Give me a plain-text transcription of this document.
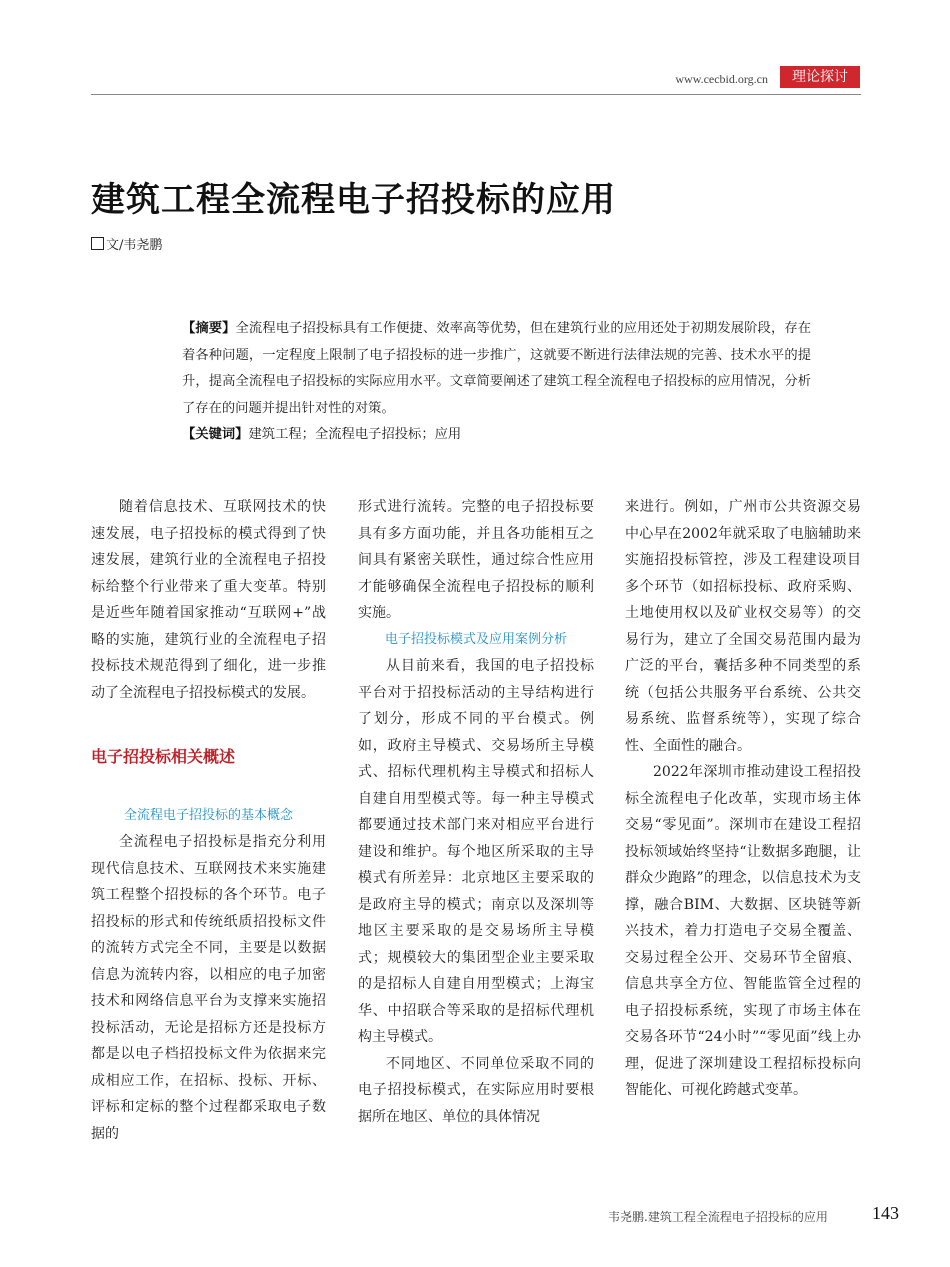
www.cecbid.org.cn	理论探讨
建筑工程全流程电子招投标的应用
文/韦尧鹏

【摘要】全流程电子招投标具有工作便捷、效率高等优势，但在建筑行业的应用还处于初期发展阶段，存在着各种问题，一定程度上限制了电子招投标的进一步推广，这就要不断进行法律法规的完善、技术水平的提升，提高全流程电子招投标的实际应用水平。文章简要阐述了建筑工程全流程电子招投标的应用情况，分析了存在的问题并提出针对性的对策。

【关键词】建筑工程；全流程电子招投标；应用

随着信息技术、互联网技术的快速发展，电子招投标的模式得到了快速发展，建筑行业的全流程电子招投标给整个行业带来了重大变革。特别是近些年随着国家推动“互联网+”战略的实施，建筑行业的全流程电子招投标技术规范得到了细化，进一步推动了全流程电子招投标模式的发展。

电子招投标相关概述

全流程电子招投标的基本概念

全流程电子招投标是指充分利用现代信息技术、互联网技术来实施建筑工程整个招投标的各个环节。电子招投标的形式和传统纸质招投标文件的流转方式完全不同，主要是以数据信息为流转内容，以相应的电子加密技术和网络信息平台为支撑来实施招投标活动，无论是招标方还是投标方都是以电子档招投标文件为依据来完成相应工作，在招标、投标、开标、评标和定标的整个过程都采取电子数据的

形式进行流转。完整的电子招投标要具有多方面功能，并且各功能相互之间具有紧密关联性，通过综合性应用才能够确保全流程电子招投标的顺利实施。

电子招投标模式及应用案例分析

从目前来看，我国的电子招投标平台对于招投标活动的主导结构进行了划分，形成不同的平台模式。例如，政府主导模式、交易场所主导模式、招标代理机构主导模式和招标人自建自用型模式等。每一种主导模式都要通过技术部门来对相应平台进行建设和维护。每个地区所采取的主导模式有所差异：北京地区主要采取的是政府主导的模式；南京以及深圳等地区主要采取的是交易场所主导模式；规模较大的集团型企业主要采取的是招标人自建自用型模式；上海宝华、中招联合等采取的是招标代理机构主导模式。

不同地区、不同单位采取不同的电子招投标模式，在实际应用时要根据所在地区、单位的具体情况

来进行。例如，广州市公共资源交易中心早在2002年就采取了电脑辅助来实施招投标管控，涉及工程建设项目多个环节（如招标投标、政府采购、土地使用权以及矿业权交易等）的交易行为，建立了全国交易范围内最为广泛的平台，囊括多种不同类型的系统（包括公共服务平台系统、公共交易系统、监督系统等），实现了综合性、全面性的融合。

2022年深圳市推动建设工程招投标全流程电子化改革，实现市场主体交易“零见面”。深圳市在建设工程招投标领域始终坚持“让数据多跑腿，让群众少跑路”的理念，以信息技术为支撑，融合BIM、大数据、区块链等新兴技术，着力打造电子交易全覆盖、交易过程全公开、交易环节全留痕、信息共享全方位、智能监管全过程的电子招投标系统，实现了市场主体在交易各环节“24小时”“零见面”线上办理，促进了深圳建设工程招标投标向智能化、可视化跨越式变革。

韦尧鹏.建筑工程全流程电子招投标的应用 143
